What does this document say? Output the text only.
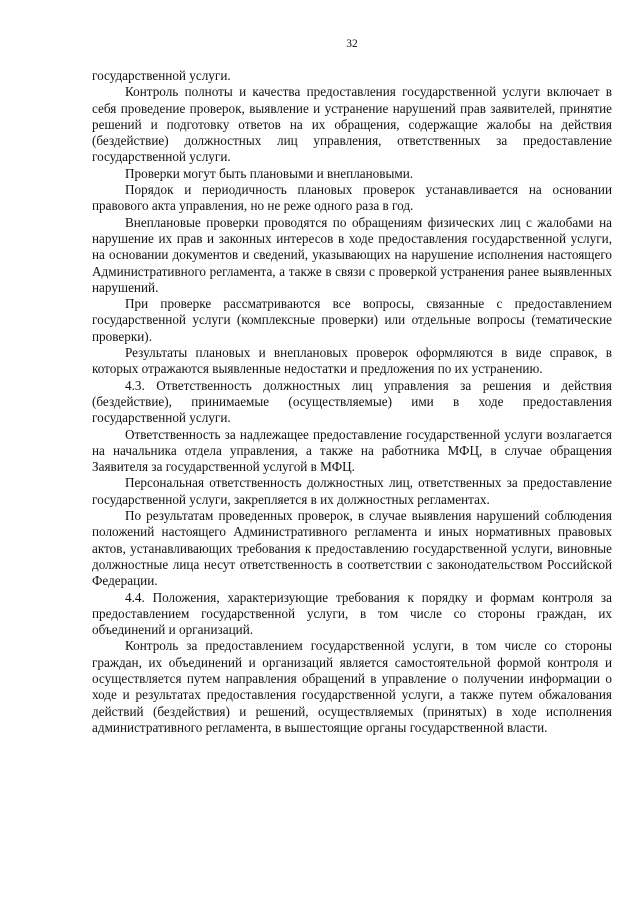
32

государственной услуги.

Контроль полноты и качества предоставления государственной услуги включает в себя проведение проверок, выявление и устранение нарушений прав заявителей, принятие решений и подготовку ответов на их обращения, содержащие жалобы на действия (бездействие) должностных лиц управления, ответственных за предоставление государственной услуги.

Проверки могут быть плановыми и внеплановыми.

Порядок и периодичность плановых проверок устанавливается на основании правового акта управления, но не реже одного раза в год.

Внеплановые проверки проводятся по обращениям физических лиц с жалобами на нарушение их прав и законных интересов в ходе предоставления государственной услуги, на основании документов и сведений, указывающих на нарушение исполнения настоящего Административного регламента, а также в связи с проверкой устранения ранее выявленных нарушений.

При проверке рассматриваются все вопросы, связанные с предоставлением государственной услуги (комплексные проверки) или отдельные вопросы (тематические проверки).

Результаты плановых и внеплановых проверок оформляются в виде справок, в которых отражаются выявленные недостатки и предложения по их устранению.

4.3. Ответственность должностных лиц управления за решения и действия (бездействие), принимаемые (осуществляемые) ими в ходе предоставления государственной услуги.

Ответственность за надлежащее предоставление государственной услуги возлагается на начальника отдела управления, а также на работника МФЦ, в случае обращения Заявителя за государственной услугой в МФЦ.

Персональная ответственность должностных лиц, ответственных за предоставление государственной услуги, закрепляется в их должностных регламентах.

По результатам проведенных проверок, в случае выявления нарушений соблюдения положений настоящего Административного регламента и иных нормативных правовых актов, устанавливающих требования к предоставлению государственной услуги, виновные должностные лица несут ответственность в соответствии с законодательством Российской Федерации.

4.4. Положения, характеризующие требования к порядку и формам контроля за предоставлением государственной услуги, в том числе со стороны граждан, их объединений и организаций.

Контроль за предоставлением государственной услуги, в том числе со стороны граждан, их объединений и организаций является самостоятельной формой контроля и осуществляется путем направления обращений в управление о получении информации о ходе и результатах предоставления государственной услуги, а также путем обжалования действий (бездействия) и решений, осуществляемых (принятых) в ходе исполнения административного регламента, в вышестоящие органы государственной власти.
